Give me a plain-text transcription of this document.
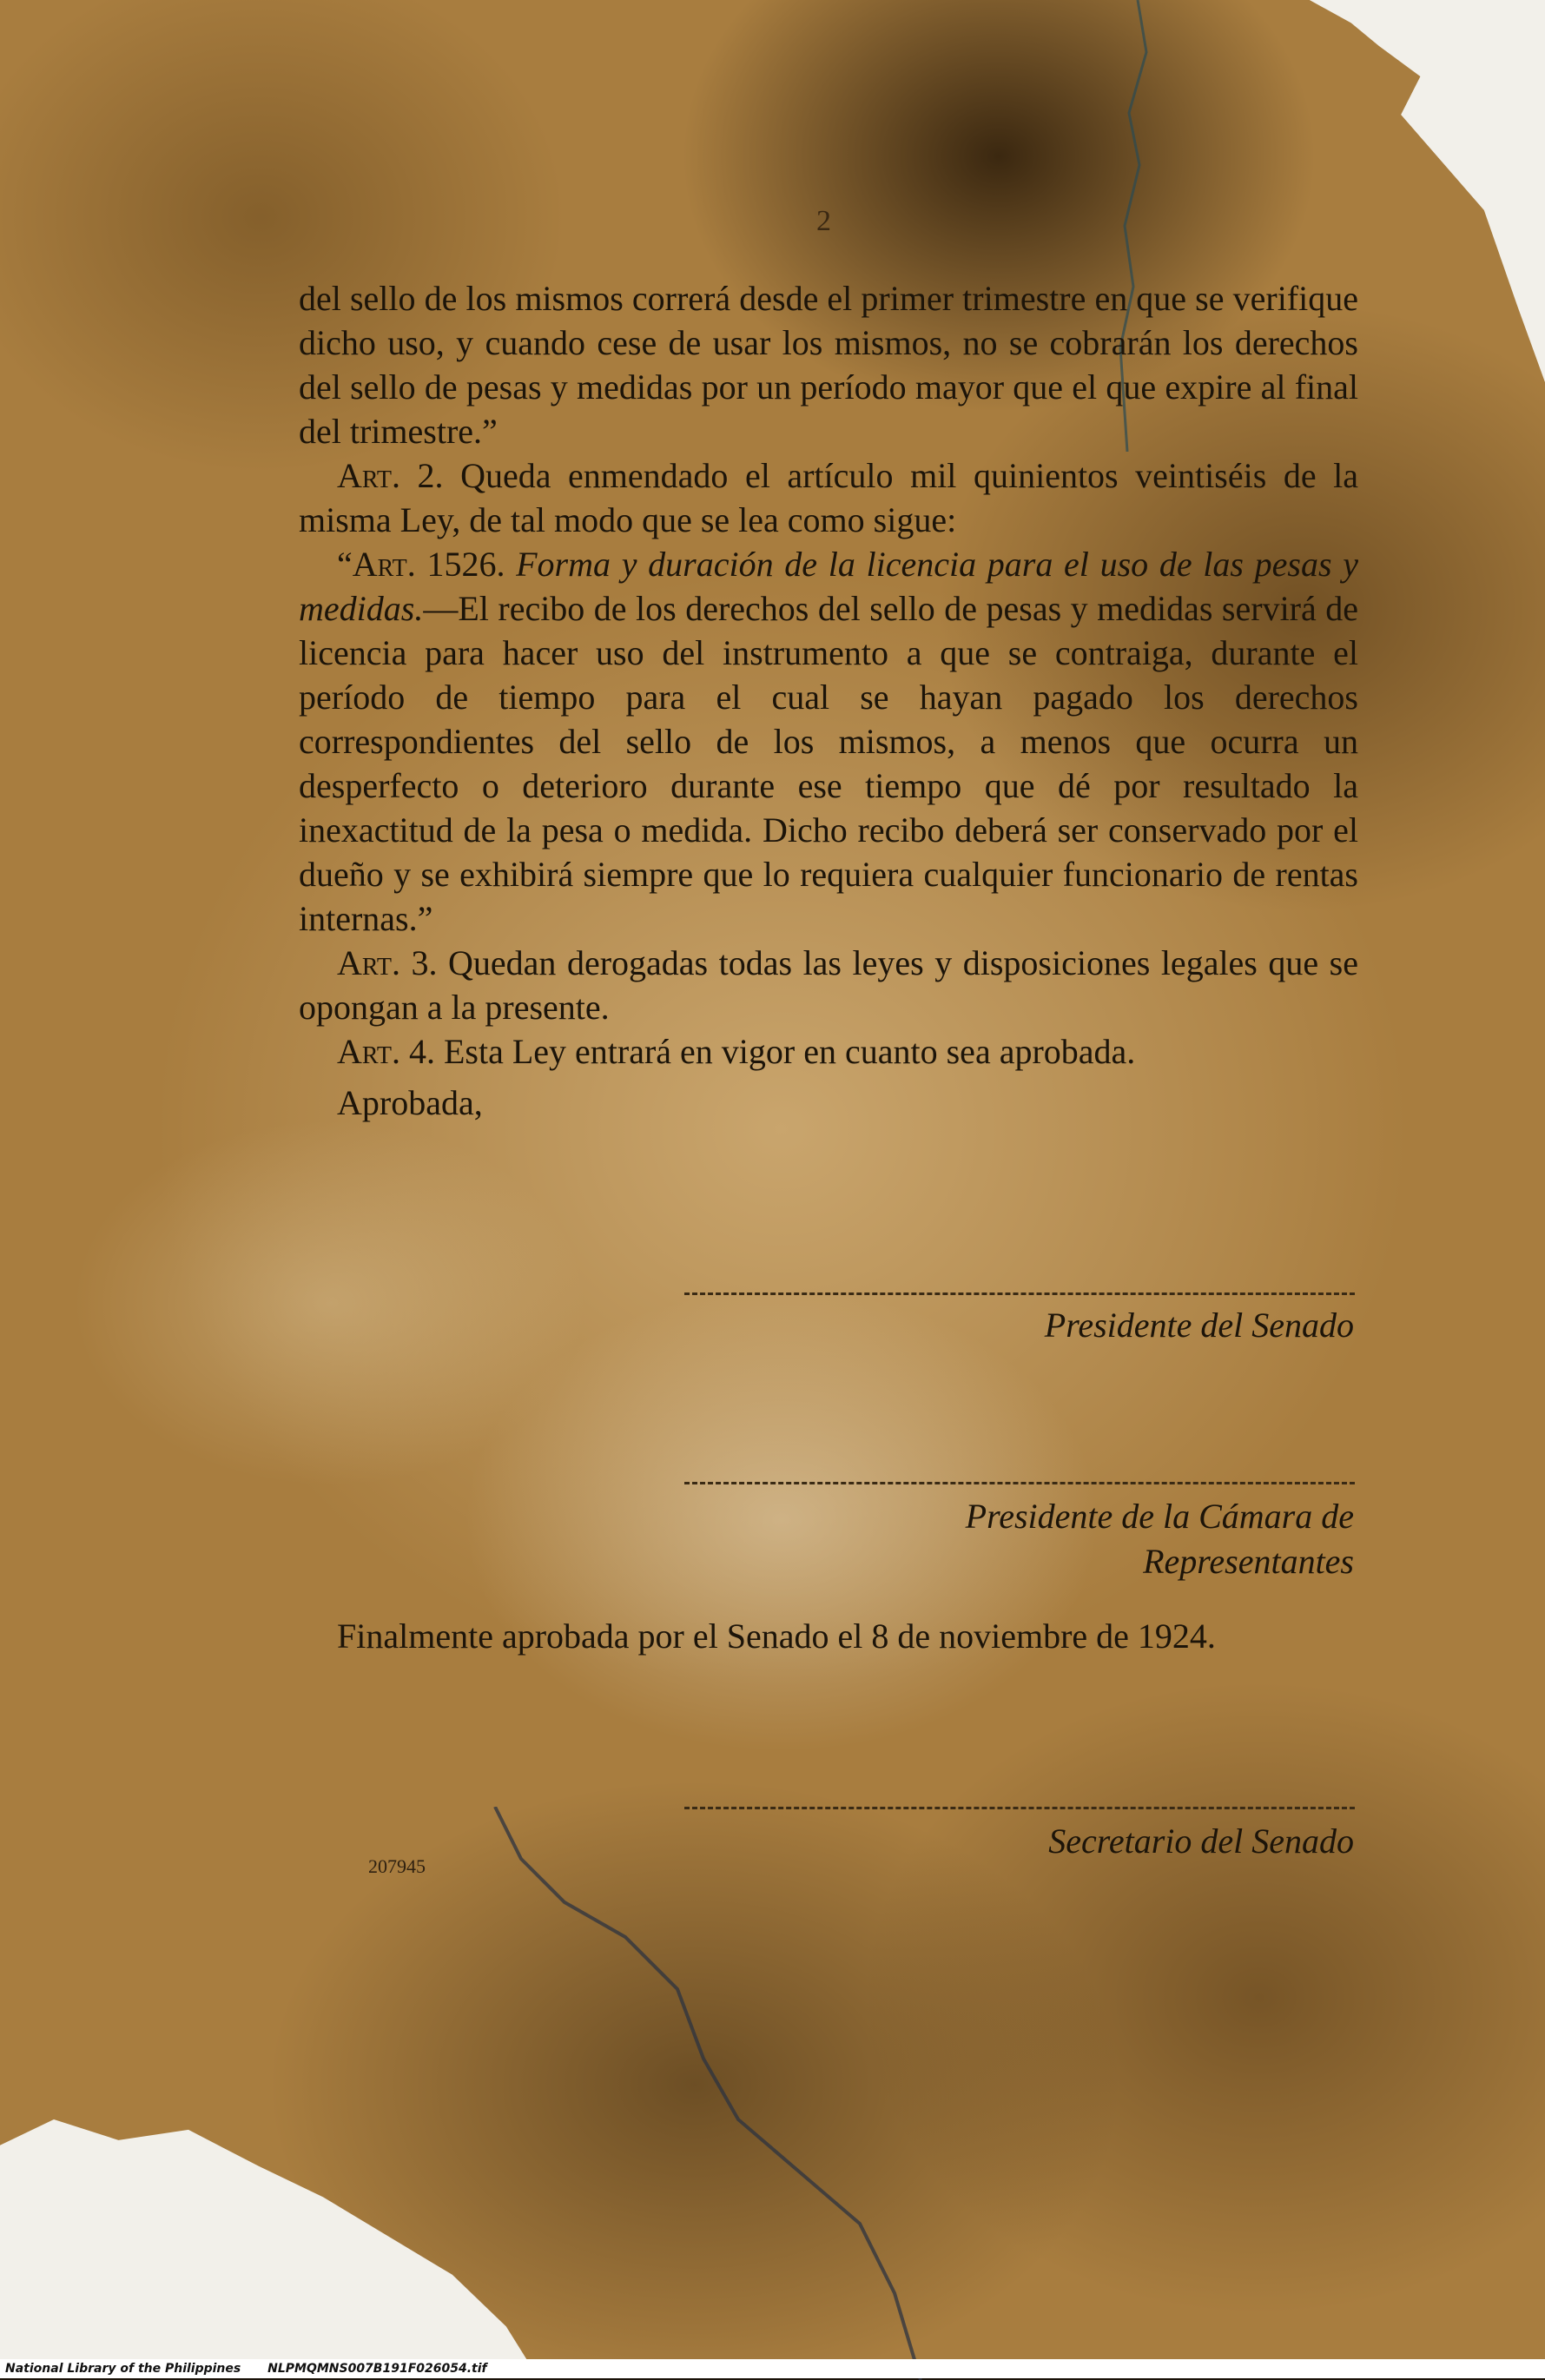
2

del sello de los mismos correrá desde el primer trimestre en que se verifique dicho uso, y cuando cese de usar los mismos, no se cobrarán los derechos del sello de pesas y medidas por un período mayor que el que expire al final del trimestre.”

Art. 2. Queda enmendado el artículo mil quinientos veintiséis de la misma Ley, de tal modo que se lea como sigue:

“Art. 1526. Forma y duración de la licencia para el uso de las pesas y medidas.—El recibo de los derechos del sello de pesas y medidas servirá de licencia para hacer uso del instrumento a que se contraiga, durante el período de tiempo para el cual se hayan pagado los derechos correspondientes del sello de los mismos, a menos que ocurra un desperfecto o deterioro durante ese tiempo que dé por resultado la inexactitud de la pesa o medida. Dicho recibo deberá ser conservado por el dueño y se exhibirá siempre que lo requiera cualquier funcionario de rentas internas.”

Art. 3. Quedan derogadas todas las leyes y disposiciones legales que se opongan a la presente.

Art. 4. Esta Ley entrará en vigor en cuanto sea aprobada.

Aprobada,

Presidente del Senado
Presidente de la Cámara de
Representantes

Finalmente aprobada por el Senado el 8 de noviembre de 1924.

Secretario del Senado
207945
National Library of the Philippines NLPMQMNS007B191F026054.tif
